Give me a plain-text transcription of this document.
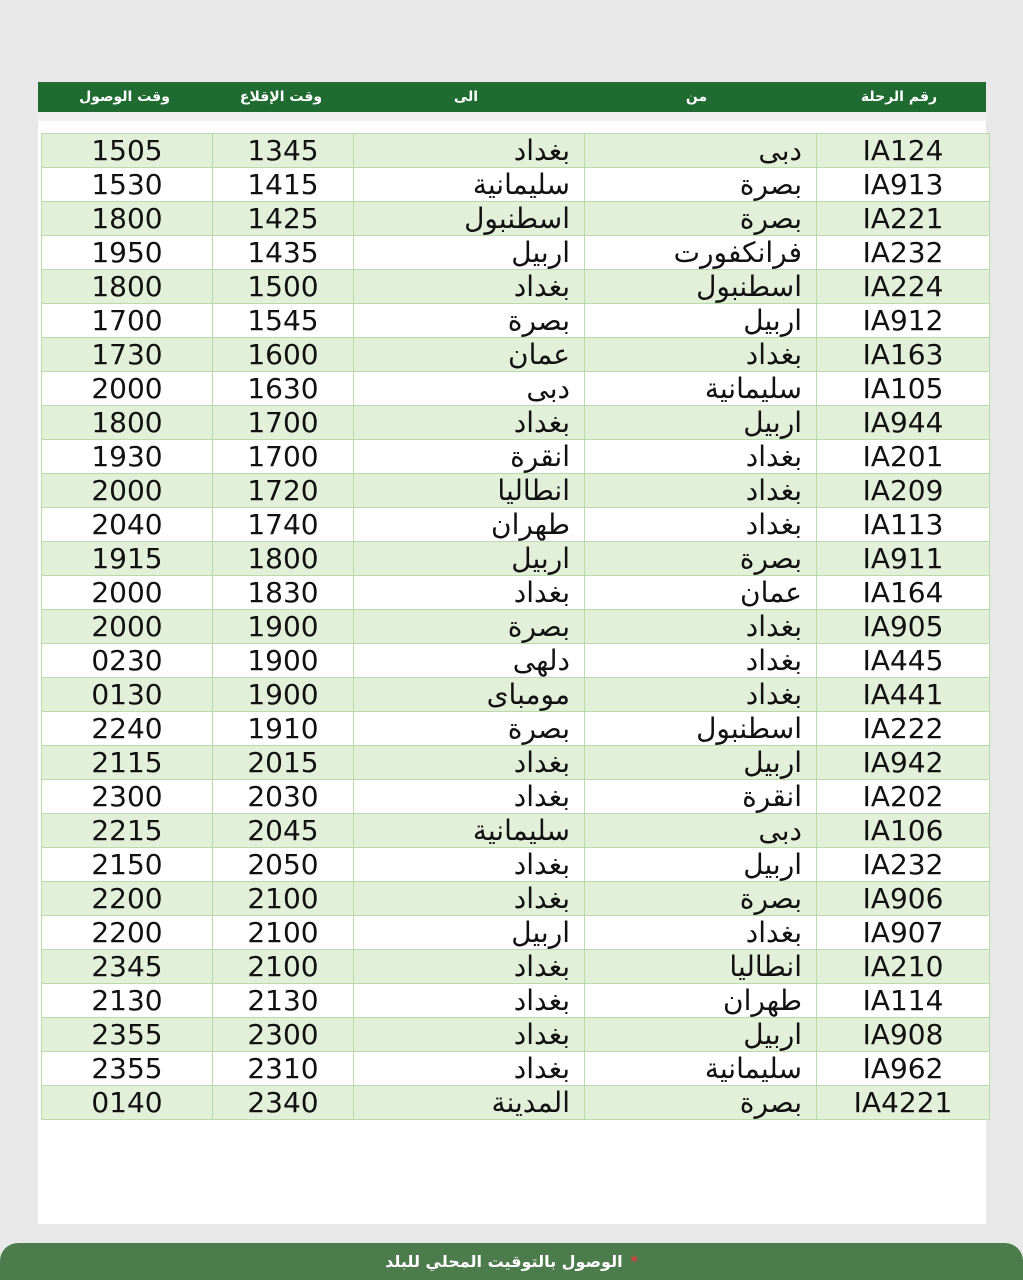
وقت الوصول	وقت الإقلاع	الى	من	رقم الرحلة
1505	1345	بغداد	دبى	IA124
1530	1415	سليمانية	بصرة	IA913
1800	1425	اسطنبول	بصرة	IA221
1950	1435	اربيل	فرانكفورت	IA232
1800	1500	بغداد	اسطنبول	IA224
1700	1545	بصرة	اربيل	IA912
1730	1600	عمان	بغداد	IA163
2000	1630	دبى	سليمانية	IA105
1800	1700	بغداد	اربيل	IA944
1930	1700	انقرة	بغداد	IA201
2000	1720	انطاليا	بغداد	IA209
2040	1740	طهران	بغداد	IA113
1915	1800	اربيل	بصرة	IA911
2000	1830	بغداد	عمان	IA164
2000	1900	بصرة	بغداد	IA905
0230	1900	دلهى	بغداد	IA445
0130	1900	مومباى	بغداد	IA441
2240	1910	بصرة	اسطنبول	IA222
2115	2015	بغداد	اربيل	IA942
2300	2030	بغداد	انقرة	IA202
2215	2045	سليمانية	دبى	IA106
2150	2050	بغداد	اربيل	IA232
2200	2100	بغداد	بصرة	IA906
2200	2100	اربيل	بغداد	IA907
2345	2100	بغداد	انطاليا	IA210
2130	2130	بغداد	طهران	IA114
2355	2300	بغداد	اربيل	IA908
2355	2310	بغداد	سليمانية	IA962
0140	2340	المدينة	بصرة	IA4221
*
الوصول بالتوقيت المحلي للبلد
